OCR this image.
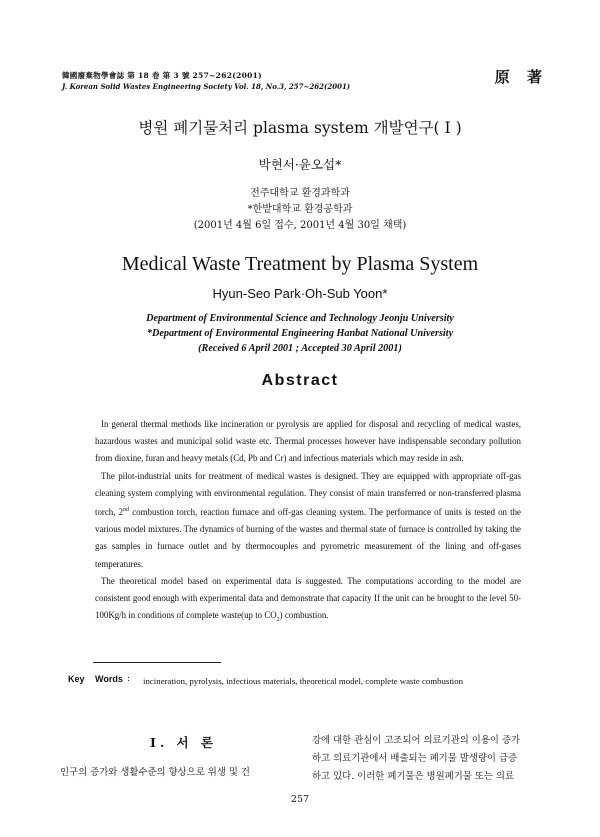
韓國廢棄物學會誌 第 18 卷 第 3 號 257~262(2001)
J. Korean Solid Wastes Engineering Society Vol. 18, No.3, 257~262(2001)
原 著
병원 폐기물처리 plasma system 개발연구( I )
박현서·윤오섭*
전주대학교 환경과학과
*한밭대학교 환경공학과
(2001년 4월 6일 접수, 2001년 4월 30일 채택)
Medical Waste Treatment by Plasma System
Hyun-Seo Park·Oh-Sub Yoon*
Department of Environmental Science and Technology Jeonju University
*Department of Environmental Engineering Hanbat National University
(Received 6 April 2001 ; Accepted 30 April 2001)
Abstract

In general thermal methods like incineration or pyrolysis are applied for disposal and recycling of medical wastes, hazardous wastes and municipal solid waste etc. Thermal processes however have indispensable secondary pollution from dioxine, furan and heavy metals (Cd, Pb and Cr) and infectious materials which may reside in ash.

The pilot-industrial units for treatment of medical wastes is designed. They are equipped with appropriate off-gas cleaning system complying with environmental regulation. They consist of main transferred or non-transferred plasma torch, 2nd combustion torch, reaction furnace and off-gas cleaning system. The performance of units is tested on the various model mixtures. The dynamics of burning of the wastes and thermal state of furnace is controlled by taking the gas samples in furnace outlet and by thermocouples and pyrometric measurement of the lining and off-gases temperatures.

The theoretical model based on experimental data is suggested. The computations according to the model are consistent good enough with experimental data and demonstrate that capacity If the unit can be brought to the level 50-100Kg/h in conditions of complete waste(up to $CO_2$) combustion.

Key Words : incineration, pyrolysis, infectious materials, theoretical model, complete waste combustion
Ⅰ. 서 론
인구의 증가와 생활수준의 향상으로 위생 및 건
강에 대한 관심이 고조되어 의료기관의 이용이 증가
하고 의료기관에서 배출되는 폐기물 발생량이 급증
하고 있다. 이러한 폐기물은 병원폐기물 또는 의료
257
